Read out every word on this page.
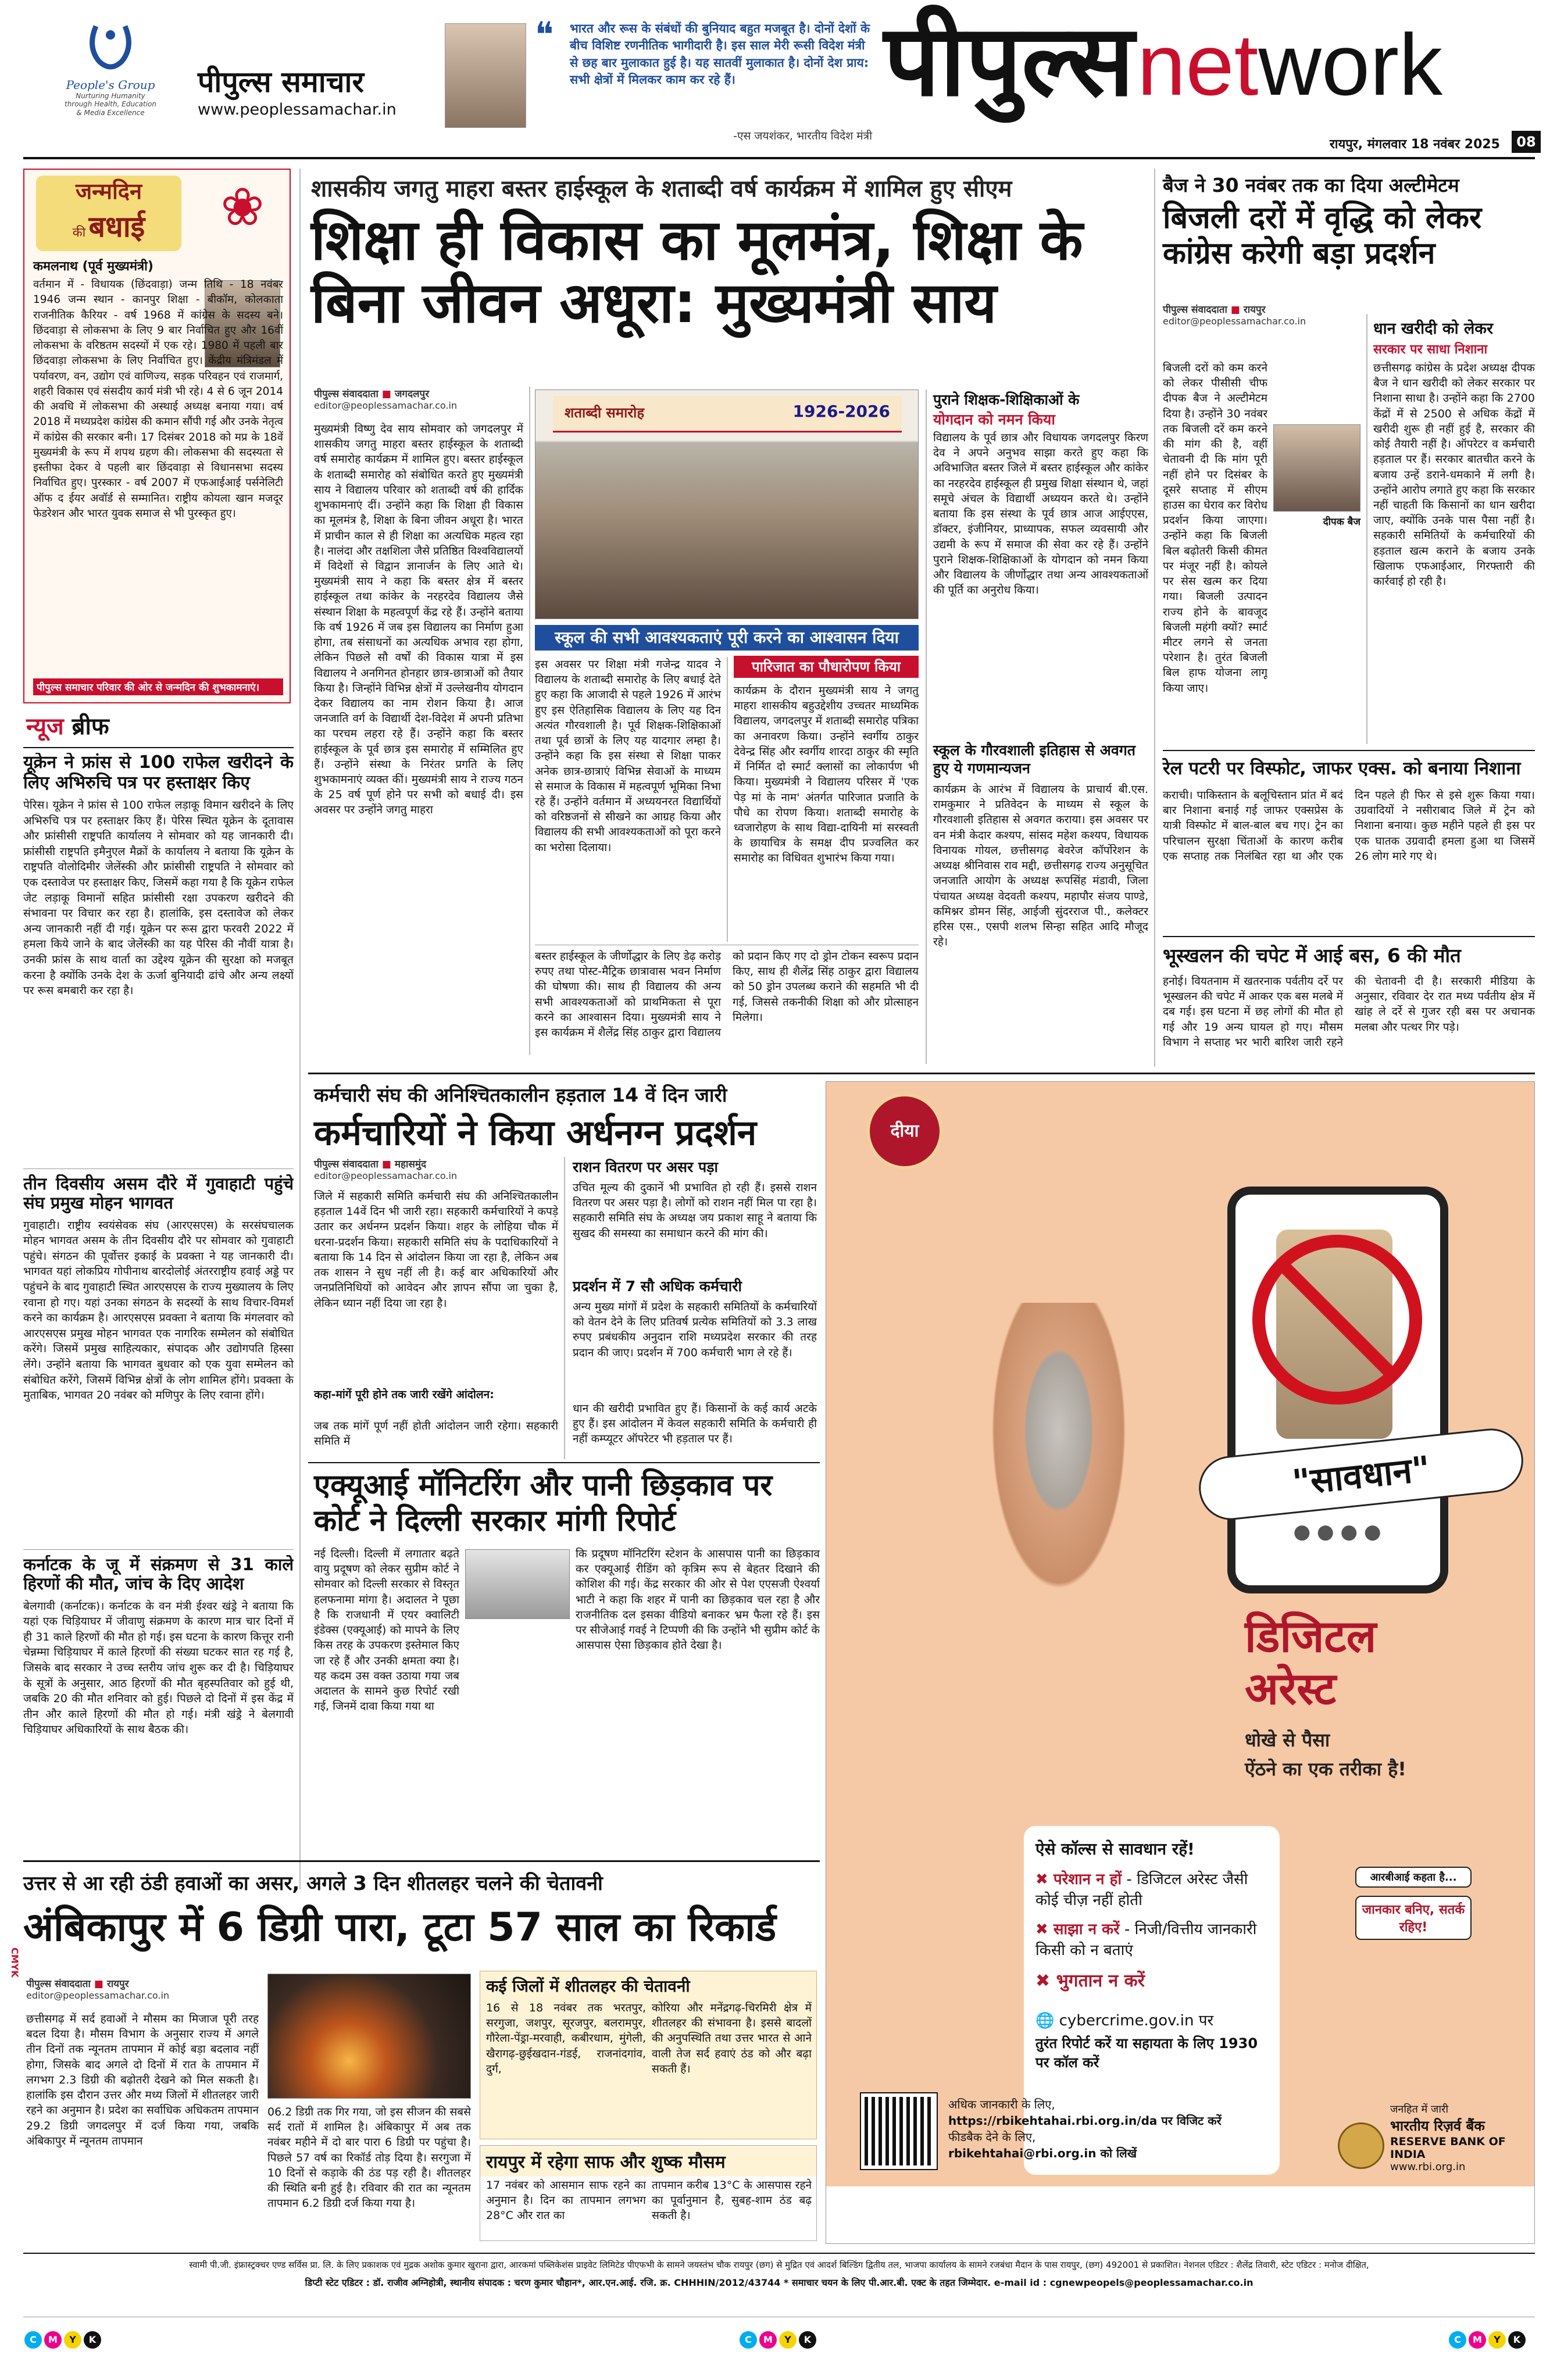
People's Group
Nurturing Humanity through Health, Education & Media Excellence
पीपुल्स समाचार
www.peoplessamachar.in
❝ भारत और रूस के संबंधों की बुनियाद बहुत मजबूत है। दोनों देशों के बीच विशिष्ट रणनीतिक भागीदारी है। इस साल मेरी रूसी विदेश मंत्री से छह बार मुलाकात हुई है। यह सातवीं मुलाकात है। दोनों देश प्राय: सभी क्षेत्रों में मिलकर काम कर रहे हैं।
-एस जयशंकर, भारतीय विदेश मंत्री
पीपुल्स network
रायपुर, मंगलवार 18 नवंबर 2025	08
जन्मदिन
की बधाई	❀
कमलनाथ (पूर्व मुख्यमंत्री)
वर्तमान में - विधायक (छिंदवाड़ा) जन्म तिथि - 18 नवंबर 1946 जन्म स्थान - कानपुर शिक्षा - बीकॉम, कोलकाता राजनीतिक कैरियर - वर्ष 1968 में कांग्रेस के सदस्य बने। छिंदवाड़ा से लोकसभा के लिए 9 बार निर्वाचित हुए और 16वीं लोकसभा के वरिष्ठतम सदस्यों में एक रहे। 1980 में पहली बार छिंदवाड़ा लोकसभा के लिए निर्वाचित हुए। केंद्रीय मंत्रिमंडल में पर्यावरण, वन, उद्योग एवं वाणिज्य, सड़क परिवहन एवं राजमार्ग, शहरी विकास एवं संसदीय कार्य मंत्री भी रहे। 4 से 6 जून 2014 की अवधि में लोकसभा की अस्थाई अध्यक्ष बनाया गया। वर्ष 2018 में मध्यप्रदेश कांग्रेस की कमान सौंपी गई और उनके नेतृत्व में कांग्रेस की सरकार बनी। 17 दिसंबर 2018 को मप्र के 18वें मुख्यमंत्री के रूप में शपथ ग्रहण की। लोकसभा की सदस्यता से इस्तीफा देकर वे पहली बार छिंदवाड़ा से विधानसभा सदस्य निर्वाचित हुए। पुरस्कार - वर्ष 2007 में एफआईआई पर्सनेलिटी ऑफ द ईयर अवॉर्ड से सम्मानित। राष्ट्रीय कोयला खान मजदूर फेडरेशन और भारत युवक समाज से भी पुरस्कृत हुए।
पीपुल्स समाचार परिवार की ओर से जन्मदिन की शुभकामनाएं।
न्यूज ब्रीफ
यूक्रेन ने फ्रांस से 100 राफेल खरीदने के लिए अभिरुचि पत्र पर हस्ताक्षर किए
पेरिस। यूक्रेन ने फ्रांस से 100 राफेल लड़ाकू विमान खरीदने के लिए अभिरुचि पत्र पर हस्ताक्षर किए हैं। पेरिस स्थित यूक्रेन के दूतावास और फ्रांसीसी राष्ट्रपति कार्यालय ने सोमवार को यह जानकारी दी। फ्रांसीसी राष्ट्रपति इमैनुएल मैक्रों के कार्यालय ने बताया कि यूक्रेन के राष्ट्रपति वोलोदिमीर जेलेंस्की और फ्रांसीसी राष्ट्रपति ने सोमवार को एक दस्तावेज पर हस्ताक्षर किए, जिसमें कहा गया है कि यूक्रेन राफेल जेट लड़ाकू विमानों सहित फ्रांसीसी रक्षा उपकरण खरीदने की संभावना पर विचार कर रहा है। हालांकि, इस दस्तावेज को लेकर अन्य जानकारी नहीं दी गई। यूक्रेन पर रूस द्वारा फरवरी 2022 में हमला किये जाने के बाद जेलेंस्की का यह पेरिस की नौवीं यात्रा है। उनकी फ्रांस के साथ वार्ता का उद्देश्य यूक्रेन की सुरक्षा को मजबूत करना है क्योंकि उनके देश के ऊर्जा बुनियादी ढांचे और अन्य लक्ष्यों पर रूस बमबारी कर रहा है।
तीन दिवसीय असम दौरे में गुवाहाटी पहुंचे संघ प्रमुख मोहन भागवत
गुवाहाटी। राष्ट्रीय स्वयंसेवक संघ (आरएसएस) के सरसंघचालक मोहन भागवत असम के तीन दिवसीय दौरे पर सोमवार को गुवाहाटी पहुंचे। संगठन की पूर्वोत्तर इकाई के प्रवक्ता ने यह जानकारी दी। भागवत यहां लोकप्रिय गोपीनाथ बारदोलोई अंतरराष्ट्रीय हवाई अड्डे पर पहुंचने के बाद गुवाहाटी स्थित आरएसएस के राज्य मुख्यालय के लिए रवाना हो गए। यहां उनका संगठन के सदस्यों के साथ विचार-विमर्श करने का कार्यक्रम है। आरएसएस प्रवक्ता ने बताया कि मंगलवार को आरएसएस प्रमुख मोहन भागवत एक नागरिक सम्मेलन को संबोधित करेंगे। जिसमें प्रमुख साहित्यकार, संपादक और उद्योगपति हिस्सा लेंगे। उन्होंने बताया कि भागवत बुधवार को एक युवा सम्मेलन को संबोधित करेंगे, जिसमें विभिन्न क्षेत्रों के लोग शामिल होंगे। प्रवक्ता के मुताबिक, भागवत 20 नवंबर को मणिपुर के लिए रवाना होंगे।
कर्नाटक के जू में संक्रमण से 31 काले हिरणों की मौत, जांच के दिए आदेश
बेलगावी (कर्नाटक)। कर्नाटक के वन मंत्री ईश्वर खंड्रे ने बताया कि यहां एक चिड़ियाघर में जीवाणु संक्रमण के कारण मात्र चार दिनों में ही 31 काले हिरणों की मौत हो गई। इस घटना के कारण कित्तूर रानी चेन्नम्मा चिड़ियाघर में काले हिरणों की संख्या घटकर सात रह गई है, जिसके बाद सरकार ने उच्च स्तरीय जांच शुरू कर दी है। चिड़ियाघर के सूत्रों के अनुसार, आठ हिरणों की मौत बृहस्पतिवार को हुई थी, जबकि 20 की मौत शनिवार को हुई। पिछले दो दिनों में इस केंद्र में तीन और काले हिरणों की मौत हो गई। मंत्री खंड्रे ने बेलगावी चिड़ियाघर अधिकारियों के साथ बैठक की।
शासकीय जगतु माहरा बस्तर हाईस्कूल के शताब्दी वर्ष कार्यक्रम में शामिल हुए सीएम
शिक्षा ही विकास का मूलमंत्र, शिक्षा के बिना जीवन अधूरा: मुख्यमंत्री साय
पीपुल्स संवाददाता ■ जगदलपुर
editor@peoplessamachar.co.in
मुख्यमंत्री विष्णु देव साय सोमवार को जगदलपुर में शासकीय जगतु माहरा बस्तर हाईस्कूल के शताब्दी वर्ष समारोह कार्यक्रम में शामिल हुए। बस्तर हाईस्कूल के शताब्दी समारोह को संबोधित करते हुए मुख्यमंत्री साय ने विद्यालय परिवार को शताब्दी वर्ष की हार्दिक शुभकामनाएं दीं। उन्होंने कहा कि शिक्षा ही विकास का मूलमंत्र है, शिक्षा के बिना जीवन अधूरा है। भारत में प्राचीन काल से ही शिक्षा का अत्यधिक महत्व रहा है। नालंदा और तक्षशिला जैसे प्रतिष्ठित विश्वविद्यालयों में विदेशों से विद्वान ज्ञानार्जन के लिए आते थे। मुख्यमंत्री साय ने कहा कि बस्तर क्षेत्र में बस्तर हाईस्कूल तथा कांकेर के नरहरदेव विद्यालय जैसे संस्थान शिक्षा के महत्वपूर्ण केंद्र रहे हैं। उन्होंने बताया कि वर्ष 1926 में जब इस विद्यालय का निर्माण हुआ होगा, तब संसाधनों का अत्यधिक अभाव रहा होगा, लेकिन पिछले सौ वर्षों की विकास यात्रा में इस विद्यालय ने अनगिनत होनहार छात्र-छात्राओं को तैयार किया है। जिन्होंने विभिन्न क्षेत्रों में उल्लेखनीय योगदान देकर विद्यालय का नाम रोशन किया है। आज जनजाति वर्ग के विद्यार्थी देश-विदेश में अपनी प्रतिभा का परचम लहरा रहे हैं। उन्होंने कहा कि बस्तर हाईस्कूल के पूर्व छात्र इस समारोह में सम्मिलित हुए हैं। उन्होंने संस्था के निरंतर प्रगति के लिए शुभकामनाएं व्यक्त कीं। मुख्यमंत्री साय ने राज्य गठन के 25 वर्ष पूर्ण होने पर सभी को बधाई दी। इस अवसर पर उन्होंने जगतु माहरा
शताब्दी समारोह	1926-2026
स्कूल की सभी आवश्यकताएं पूरी करने का आश्वासन दिया
इस अवसर पर शिक्षा मंत्री गजेन्द्र यादव ने विद्यालय के शताब्दी समारोह के लिए बधाई देते हुए कहा कि आजादी से पहले 1926 में आरंभ हुए इस ऐतिहासिक विद्यालय के लिए यह दिन अत्यंत गौरवशाली है। पूर्व शिक्षक-शिक्षिकाओं तथा पूर्व छात्रों के लिए यह यादगार लम्हा है। उन्होंने कहा कि इस संस्था से शिक्षा पाकर अनेक छात्र-छात्राएं विभिन्न सेवाओं के माध्यम से समाज के विकास में महत्वपूर्ण भूमिका निभा रहे हैं। उन्होंने वर्तमान में अध्ययनरत विद्यार्थियों को वरिष्ठजनों से सीखने का आग्रह किया और विद्यालय की सभी आवश्यकताओं को पूरा करने का भरोसा दिलाया।
पारिजात का पौधारोपण किया
कार्यक्रम के दौरान मुख्यमंत्री साय ने जगतु माहरा शासकीय बहुउद्देशीय उच्चतर माध्यमिक विद्यालय, जगदलपुर में शताब्दी समारोह पत्रिका का अनावरण किया। उन्होंने स्वर्गीय ठाकुर देवेन्द्र सिंह और स्वर्गीय शारदा ठाकुर की स्मृति में निर्मित दो स्मार्ट क्लासों का लोकार्पण भी किया। मुख्यमंत्री ने विद्यालय परिसर में 'एक पेड़ मां के नाम' अंतर्गत पारिजात प्रजाति के पौधे का रोपण किया। शताब्दी समारोह के ध्वजारोहण के साथ विद्या-दायिनी मां सरस्वती के छायाचित्र के समक्ष दीप प्रज्वलित कर समारोह का विधिवत शुभारंभ किया गया।
बस्तर हाईस्कूल के जीर्णोद्धार के लिए डेढ़ करोड़ रुपए तथा पोस्ट-मैट्रिक छात्रावास भवन निर्माण की घोषणा की। साथ ही विद्यालय की अन्य सभी आवश्यकताओं को प्राथमिकता से पूरा करने का आश्वासन दिया। मुख्यमंत्री साय ने इस कार्यक्रम में शैलेंद्र सिंह ठाकुर द्वारा विद्यालय को प्रदान किए गए दो ड्रोन टोकन स्वरूप प्रदान किए, साथ ही शैलेंद्र सिंह ठाकुर द्वारा विद्यालय को 50 ड्रोन उपलब्ध कराने की सहमति भी दी गई, जिससे तकनीकी शिक्षा को और प्रोत्साहन मिलेगा।
पुराने शिक्षक-शिक्षिकाओं के
योगदान को नमन किया
विद्यालय के पूर्व छात्र और विधायक जगदलपुर किरण देव ने अपने अनुभव साझा करते हुए कहा कि अविभाजित बस्तर जिले में बस्तर हाईस्कूल और कांकेर का नरहरदेव हाईस्कूल ही प्रमुख शिक्षा संस्थान थे, जहां समूचे अंचल के विद्यार्थी अध्ययन करते थे। उन्होंने बताया कि इस संस्था के पूर्व छात्र आज आईएएस, डॉक्टर, इंजीनियर, प्राध्यापक, सफल व्यवसायी और उद्यमी के रूप में समाज की सेवा कर रहे हैं। उन्होंने पुराने शिक्षक-शिक्षिकाओं के योगदान को नमन किया और विद्यालय के जीर्णोद्धार तथा अन्य आवश्यकताओं की पूर्ति का अनुरोध किया।
स्कूल के गौरवशाली इतिहास से अवगत हुए ये गणमान्यजन
कार्यक्रम के आरंभ में विद्यालय के प्राचार्य बी.एस. रामकुमार ने प्रतिवेदन के माध्यम से स्कूल के गौरवशाली इतिहास से अवगत कराया। इस अवसर पर वन मंत्री केदार कश्यप, सांसद महेश कश्यप, विधायक विनायक गोयल, छत्तीसगढ़ बेवरेज कॉर्पोरेशन के अध्यक्ष श्रीनिवास राव मद्दी, छत्तीसगढ़ राज्य अनुसूचित जनजाति आयोग के अध्यक्ष रूपसिंह मंडावी, जिला पंचायत अध्यक्ष वेदवती कश्यप, महापौर संजय पाण्डे, कमिश्नर डोमन सिंह, आईजी सुंदरराज पी., कलेक्टर हरिस एस., एसपी शलभ सिन्हा सहित आदि मौजूद रहे।
बैज ने 30 नवंबर तक का दिया अल्टीमेटम
बिजली दरों में वृद्धि को लेकर कांग्रेस करेगी बड़ा प्रदर्शन
पीपुल्स संवाददाता ■ रायपुर
editor@peoplessamachar.co.in
बिजली दरों को कम करने को लेकर पीसीसी चीफ दीपक बैज ने अल्टीमेटम दिया है। उन्होंने 30 नवंबर तक बिजली दरें कम करने की मांग की है, वहीं चेतावनी दी कि मांग पूरी नहीं होने पर दिसंबर के दूसरे सप्ताह में सीएम हाउस का घेराव कर विरोध प्रदर्शन किया जाएगा। उन्होंने कहा कि बिजली बिल बढ़ोतरी किसी कीमत पर मंजूर नहीं है। कोयले पर सेस खत्म कर दिया गया। बिजली उत्पादन राज्य होने के बावजूद बिजली महंगी क्यों? स्मार्ट मीटर लगने से जनता परेशान है। तुरंत बिजली बिल हाफ योजना लागू किया जाए।
दीपक बैज
धान खरीदी को लेकर
सरकार पर साधा निशाना
छत्तीसगढ़ कांग्रेस के प्रदेश अध्यक्ष दीपक बैज ने धान खरीदी को लेकर सरकार पर निशाना साधा है। उन्होंने कहा कि 2700 केंद्रों में से 2500 से अधिक केंद्रों में खरीदी शुरू ही नहीं हुई है, सरकार की कोई तैयारी नहीं है। ऑपरेटर व कर्मचारी हड़ताल पर हैं। सरकार बातचीत करने के बजाय उन्हें डराने-धमकाने में लगी है। उन्होंने आरोप लगाते हुए कहा कि सरकार नहीं चाहती कि किसानों का धान खरीदा जाए, क्योंकि उनके पास पैसा नहीं है। सहकारी समितियों के कर्मचारियों की हड़ताल खत्म कराने के बजाय उनके खिलाफ एफआईआर, गिरफ्तारी की कार्रवाई हो रही है।
रेल पटरी पर विस्फोट, जाफर एक्स. को बनाया निशाना
कराची। पाकिस्तान के बलूचिस्तान प्रांत में बदं बार निशाना बनाई गई जाफर एक्सप्रेस के यात्री विस्फोट में बाल-बाल बच गए। ट्रेन का परिचालन सुरक्षा चिंताओं के कारण करीब एक सप्ताह तक निलंबित रहा था और एक दिन पहले ही फिर से इसे शुरू किया गया। उग्रवादियों ने नसीराबाद जिले में ट्रेन को निशाना बनाया। कुछ महीने पहले ही इस पर एक घातक उग्रवादी हमला हुआ था जिसमें 26 लोग मारे गए थे।
भूस्खलन की चपेट में आई बस, 6 की मौत
हनोई। वियतनाम में खतरनाक पर्वतीय दर्रे पर भूस्खलन की चपेट में आकर एक बस मलबे में दब गई। इस घटना में छह लोगों की मौत हो गई और 19 अन्य घायल हो गए। मौसम विभाग ने सप्ताह भर भारी बारिश जारी रहने की चेतावनी दी है। सरकारी मीडिया के अनुसार, रविवार देर रात मध्य पर्वतीय क्षेत्र में खांह ले दर्रे से गुजर रही बस पर अचानक मलबा और पत्थर गिर पड़े।
कर्मचारी संघ की अनिश्चितकालीन हड़ताल 14 वें दिन जारी
कर्मचारियों ने किया अर्धनग्न प्रदर्शन
पीपुल्स संवाददाता ■ महासमुंद
editor@peoplessamachar.co.in
जिले में सहकारी समिति कर्मचारी संघ की अनिश्चितकालीन हड़ताल 14वें दिन भी जारी रहा। सहकारी कर्मचारियों ने कपड़े उतार कर अर्धनग्न प्रदर्शन किया। शहर के लोहिया चौक में धरना-प्रदर्शन किया। सहकारी समिति संघ के पदाधिकारियों ने बताया कि 14 दिन से आंदोलन किया जा रहा है, लेकिन अब तक शासन ने सुध नहीं ली है। कई बार अधिकारियों और जनप्रतिनिधियों को आवेदन और ज्ञापन सौंपा जा चुका है, लेकिन ध्यान नहीं दिया जा रहा है।
कहा-मांगें पूरी होने तक जारी रखेंगे आंदोलन:
जब तक मांगें पूर्ण नहीं होती आंदोलन जारी रहेगा। सहकारी समिति में
राशन वितरण पर असर पड़ा
उचित मूल्य की दुकानें भी प्रभावित हो रही हैं। इससे राशन वितरण पर असर पड़ा है। लोगों को राशन नहीं मिल पा रहा है। सहकारी समिति संघ के अध्यक्ष जय प्रकाश साहू ने बताया कि सुखद की समस्या का समाधान करने की मांग की।
प्रदर्शन में 7 सौ अधिक कर्मचारी
अन्य मुख्य मांगों में प्रदेश के सहकारी समितियों के कर्मचारियों को वेतन देने के लिए प्रतिवर्ष प्रत्येक समितियों को 3.3 लाख रुपए प्रबंधकीय अनुदान राशि मध्यप्रदेश सरकार की तरह प्रदान की जाए। प्रदर्शन में 700 कर्मचारी भाग ले रहे हैं।
धान की खरीदी प्रभावित हुए हैं। किसानों के कई कार्य अटके हुए हैं। इस आंदोलन में केवल सहकारी समिति के कर्मचारी ही नहीं कम्प्यूटर ऑपरेटर भी हड़ताल पर हैं।
एक्यूआई मॉनिटरिंग और पानी छिड़काव पर कोर्ट ने दिल्ली सरकार मांगी रिपोर्ट
नई दिल्ली। दिल्ली में लगातार बढ़ते वायु प्रदूषण को लेकर सुप्रीम कोर्ट ने सोमवार को दिल्ली सरकार से विस्तृत हलफनामा मांगा है। अदालत ने पूछा है कि राजधानी में एयर क्वालिटी इंडेक्स (एक्यूआई) को मापने के लिए किस तरह के उपकरण इस्तेमाल किए जा रहे हैं और उनकी क्षमता क्या है। यह कदम उस वक्त उठाया गया जब अदालत के सामने कुछ रिपोर्ट रखी गई, जिनमें दावा किया गया था
कि प्रदूषण मॉनिटरिंग स्टेशन के आसपास पानी का छिड़काव कर एक्यूआई रीडिंग को कृत्रिम रूप से बेहतर दिखाने की कोशिश की गई। केंद्र सरकार की ओर से पेश एएसजी ऐश्वर्या भाटी ने कहा कि शहर में पानी का छिड़काव चल रहा है और राजनीतिक दल इसका वीडियो बनाकर भ्रम फैला रहे हैं। इस पर सीजेआई गवई ने टिप्पणी की कि उन्होंने भी सुप्रीम कोर्ट के आसपास ऐसा छिड़काव होते देखा है।
उत्तर से आ रही ठंडी हवाओं का असर, अगले 3 दिन शीतलहर चलने की चेतावनी
अंबिकापुर में 6 डिग्री पारा, टूटा 57 साल का रिकार्ड
पीपुल्स संवाददाता ■ रायपुर
editor@peoplessamachar.co.in
छत्तीसगढ़ में सर्द हवाओं ने मौसम का मिजाज पूरी तरह बदल दिया है। मौसम विभाग के अनुसार राज्य में अगले तीन दिनों तक न्यूनतम तापमान में कोई बड़ा बदलाव नहीं होगा, जिसके बाद अगले दो दिनों में रात के तापमान में लगभग 2.3 डिग्री की बढ़ोतरी देखने को मिल सकती है। हालांकि इस दौरान उत्तर और मध्य जिलों में शीतलहर जारी रहने का अनुमान है। प्रदेश का सर्वाधिक अधिकतम तापमान 29.2 डिग्री जगदलपुर में दर्ज किया गया, जबकि अंबिकापुर में न्यूनतम तापमान
06.2 डिग्री तक गिर गया, जो इस सीजन की सबसे सर्द रातों में शामिल है। अंबिकापुर में अब तक नवंबर महीने में दो बार पारा 6 डिग्री पर पहुंचा है। पिछले 57 वर्ष का रिकॉर्ड तोड़ दिया है। सरगुजा में 10 दिनों से कड़ाके की ठंड पड़ रही है। शीतलहर की स्थिति बनी हुई है। रविवार की रात का न्यूनतम तापमान 6.2 डिग्री दर्ज किया गया है।
कई जिलों में शीतलहर की चेतावनी
16 से 18 नवंबर तक भरतपुर, सरगुजा, जशपुर, सूरजपुर, बलरामपुर, गौरेला-पेंड्रा-मरवाही, कबीरधाम, मुंगेली, खैरागढ़-छुईखदान-गंडई, राजनांदगांव, दुर्ग,
कोरिया और मनेंद्रगढ़-चिरमिरी क्षेत्र में शीतलहर की संभावना है। इससे बादलों की अनुपस्थिति तथा उत्तर भारत से आने वाली तेज सर्द हवाएं ठंड को और बढ़ा सकती हैं।
रायपुर में रहेगा साफ और शुष्क मौसम
17 नवंबर को आसमान साफ रहने का अनुमान है। दिन का तापमान लगभग 28°C और रात का
तापमान करीब 13°C के आसपास रहने का पूर्वानुमान है, सुबह-शाम ठंड बढ़ सकती है।
दीया
● ● ● ●
"सावधान"
डिजिटल
अरेस्ट
धोखे से पैसा
ऐंठने का एक तरीका है!
ऐसे कॉल्स से सावधान रहें!
✖ परेशान न हों - डिजिटल अरेस्ट जैसी कोई चीज़ नहीं होती
✖ साझा न करें - निजी/वित्तीय जानकारी किसी को न बताएं
✖ भुगतान न करें
🌐 cybercrime.gov.in पर
तुरंत रिपोर्ट करें या सहायता के लिए 1930 पर कॉल करें
आरबीआई कहता है...
जानकार बनिए, सतर्क रहिए!
अधिक जानकारी के लिए,
https://rbikehtahai.rbi.org.in/da पर विजिट करें
फीडबैक देने के लिए,
rbikehtahai@rbi.org.in को लिखें
जनहित में जारी
भारतीय रिज़र्व बैंक
RESERVE BANK OF INDIA
www.rbi.org.in
CMYK
स्वामी पी.जी. इंफ्रास्ट्रक्चर एण्ड सर्विस प्रा. लि. के लिए प्रकाशक एवं मुद्रक अशोक कुमार खुराना द्वारा, आरकमां पब्लिकेशंस प्राइवेट लिमिटेड पीएफभी के सामने जयस्तंभ चौक रायपुर (छग) से मुद्रित एवं आदर्श बिल्डिंग द्वितीय तल, भाजपा कार्यालय के सामने रजबंधा मैदान के पास रायपुर, (छग) 492001 से प्रकाशित। नेशनल एडिटर : शैलेंद्र तिवारी, स्टेट एडिटर : मनोज दीक्षित,
डिप्टी स्टेट एडिटर : डॉ. राजीव अग्निहोत्री, स्थानीय संपादक : चरण कुमार चौहान*, आर.एन.आई. रजि. क्र. CHHHIN/2012/43744 * समाचार चयन के लिए पी.आर.बी. एक्ट के तहत जिम्मेदार. e-mail id : cgnewpeopels@peoplessamachar.co.in
C M Y K	C M Y K	C M Y K
